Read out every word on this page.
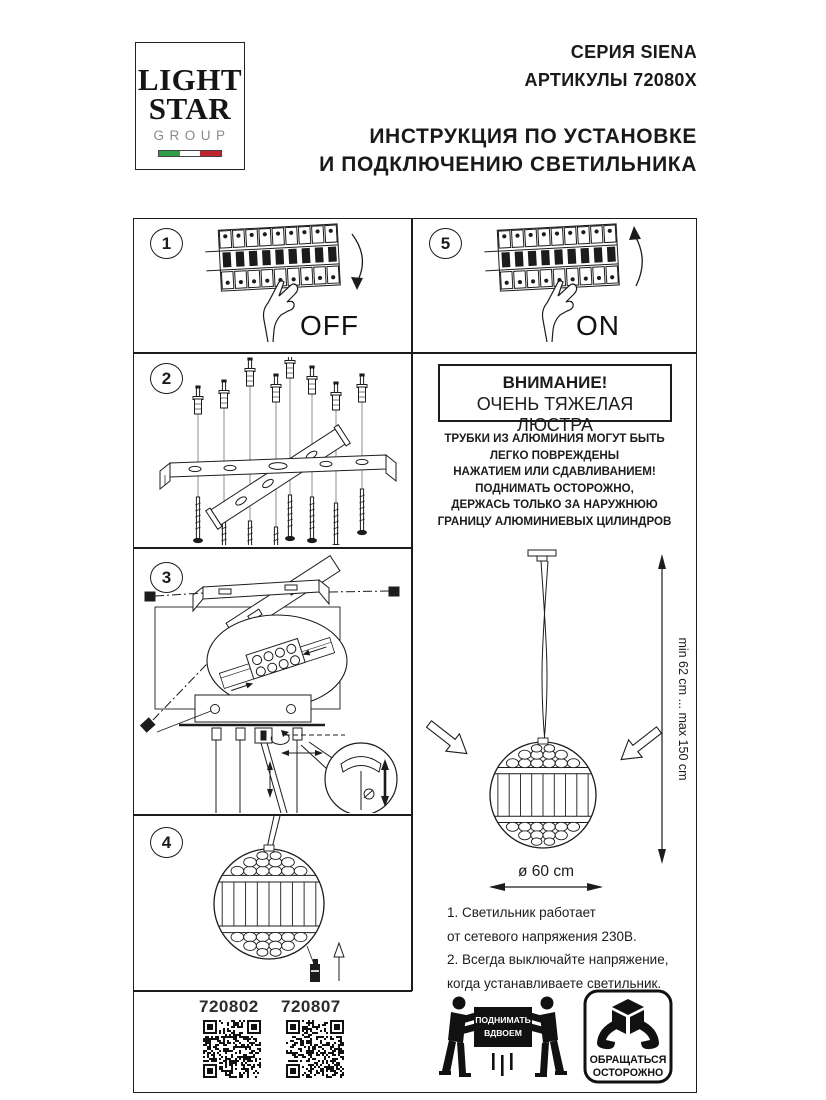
LIGHT
STAR
GROUP
СЕРИЯ SIENA
АРТИКУЛЫ 72080X
ИНСТРУКЦИЯ ПО УСТАНОВКЕ
И ПОДКЛЮЧЕНИЮ СВЕТИЛЬНИКА
1	5
2
3
4
OFF	ON
ВНИМАНИЕ!
ОЧЕНЬ ТЯЖЕЛАЯ ЛЮСТРА
ТРУБКИ ИЗ АЛЮМИНИЯ МОГУТ БЫТЬ
ЛЕГКО ПОВРЕЖДЕНЫ
НАЖАТИЕМ ИЛИ СДАВЛИВАНИЕМ!
ПОДНИМАТЬ ОСТОРОЖНО,
ДЕРЖАСЬ ТОЛЬКО ЗА НАРУЖНЮЮ
ГРАНИЦУ АЛЮМИНИЕВЫХ ЦИЛИНДРОВ
min 62 cm ... max 150 cm
ø 60 cm
1. Светильник работает
от сетевого напряжения 230В.
2. Всегда выключайте напряжение,
когда устанавливаете светильник.
720802 720807
ПОДНИМАТЬ
ВДВОЕМ
ОБРАЩАТЬСЯ
ОСТОРОЖНО
